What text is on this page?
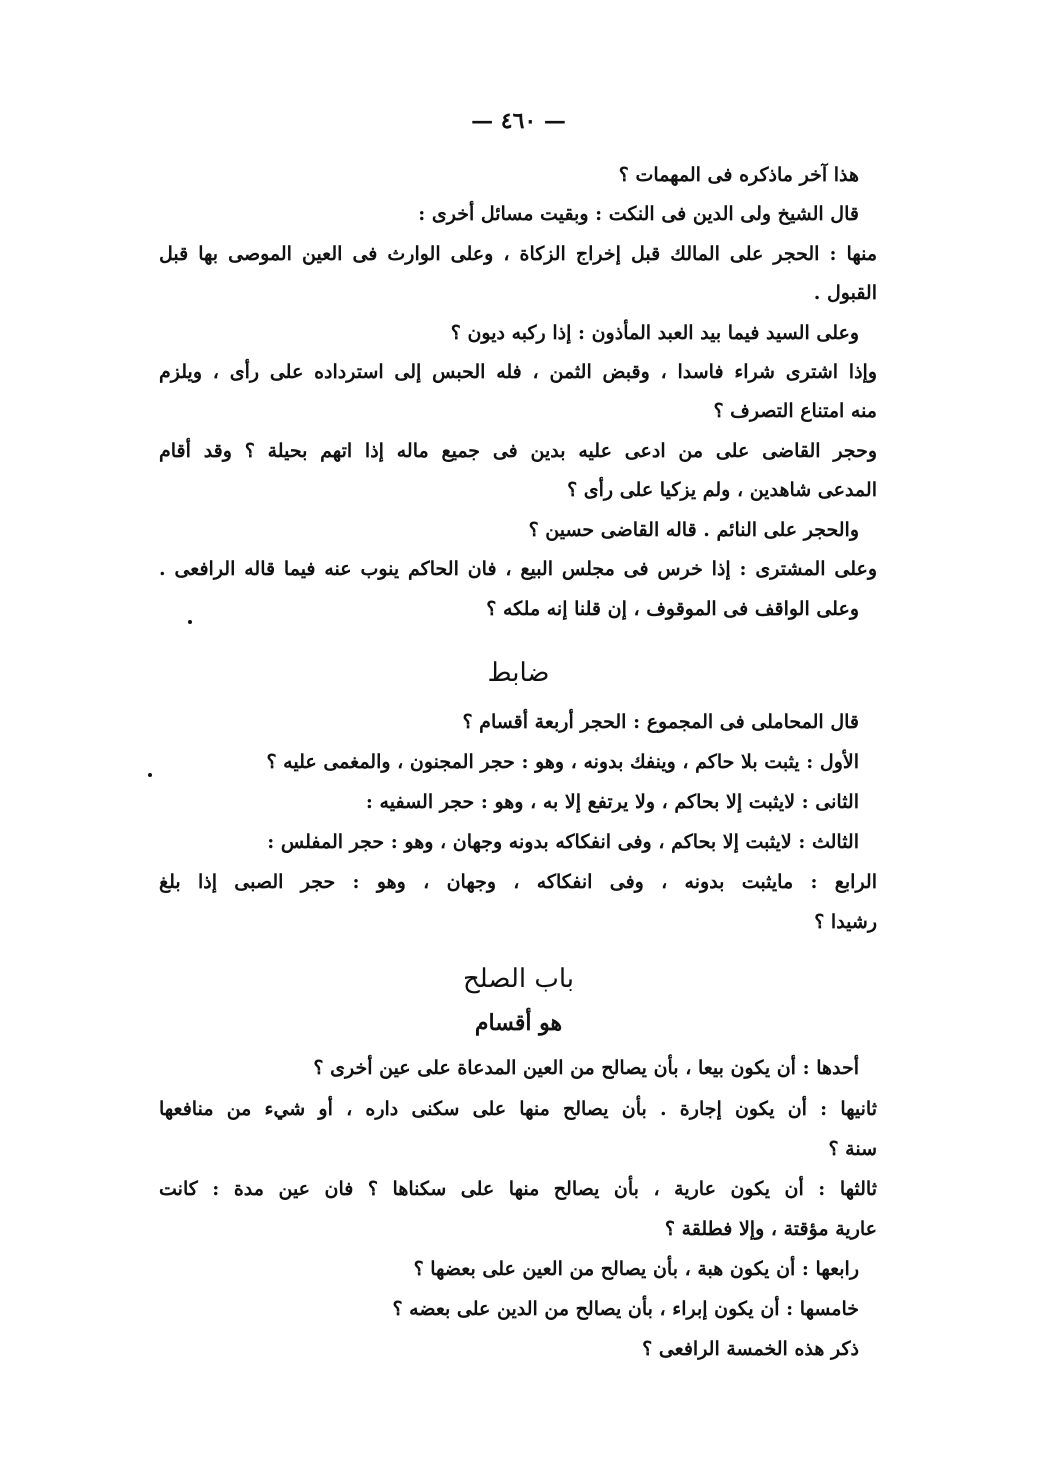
— ٤٦٠ —
هذا آخر ماذكره فى المهمات ؟
قال الشيخ ولى الدين فى النكت : وبقيت مسائل أخرى :
منها : الحجر على المالك قبل إخراج الزكاة ، وعلى الوارث فى العين الموصى بها قبل
القبول .
وعلى السيد فيما بيد العبد المأذون : إذا ركبه ديون ؟
وإذا اشترى شراء فاسدا ، وقبض الثمن ، فله الحبس إلى استرداده على رأى ، ويلزم
منه امتناع التصرف ؟
وحجر القاضى على من ادعى عليه بدين فى جميع ماله إذا اتهم بحيلة ؟ وقد أقام
المدعى شاهدين ، ولم يزكيا على رأى ؟
والحجر على النائم . قاله القاضى حسين ؟
وعلى المشترى : إذا خرس فى مجلس البيع ، فان الحاكم ينوب عنه فيما قاله الرافعى .
وعلى الواقف فى الموقوف ، إن قلنا إنه ملكه ؟
ضابط
قال المحاملى فى المجموع : الحجر أربعة أقسام ؟
الأول : يثبت بلا حاكم ، وينفك بدونه ، وهو : حجر المجنون ، والمغمى عليه ؟
الثانى : لايثبت إلا بحاكم ، ولا يرتفع إلا به ، وهو : حجر السفيه :
الثالث : لايثبت إلا بحاكم ، وفى انفكاكه بدونه وجهان ، وهو : حجر المفلس :
الرابع : مايثبت بدونه ، وفى انفكاكه ، وجهان ، وهو : حجر الصبى إذا بلغ
رشيدا ؟
باب الصلح
هو أقسام
أحدها : أن يكون بيعا ، بأن يصالح من العين المدعاة على عين أخرى ؟
ثانيها : أن يكون إجارة . بأن يصالح منها على سكنى داره ، أو شيء من منافعها
سنة ؟
ثالثها : أن يكون عارية ، بأن يصالح منها على سكناها ؟ فان عين مدة : كانت
عارية مؤقتة ، وإلا فطلقة ؟
رابعها : أن يكون هبة ، بأن يصالح من العين على بعضها ؟
خامسها : أن يكون إبراء ، بأن يصالح من الدين على بعضه ؟
ذكر هذه الخمسة الرافعى ؟
